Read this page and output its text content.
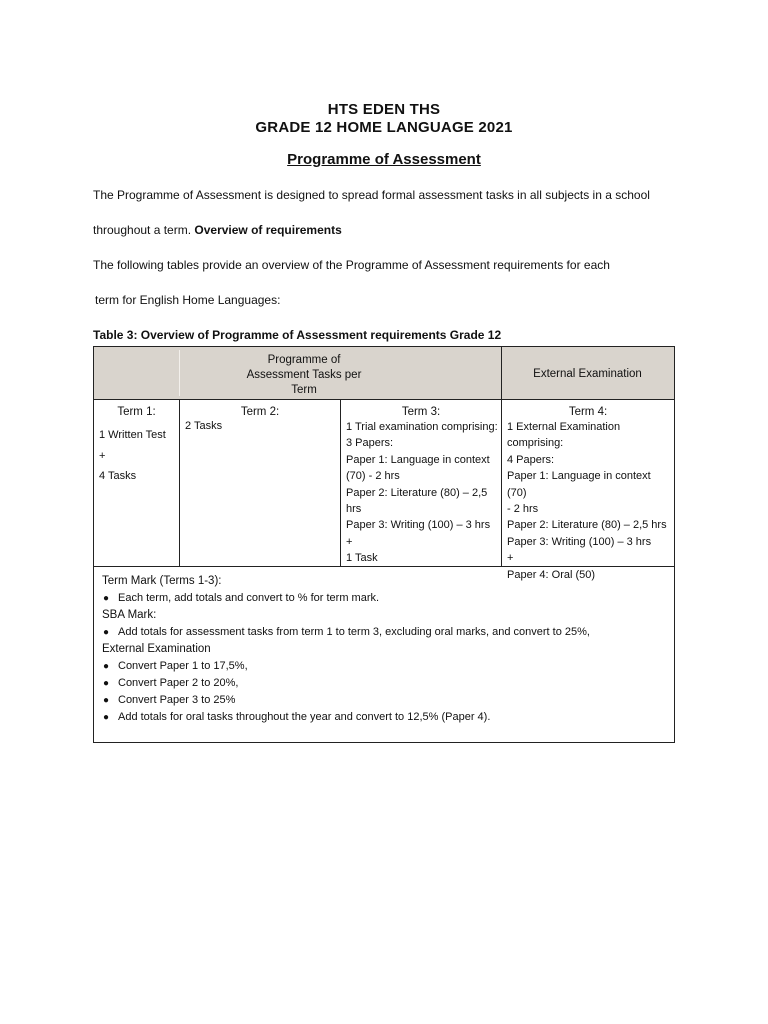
HTS EDEN THS
GRADE 12 HOME LANGUAGE 2021
Programme of Assessment
The Programme of Assessment is designed to spread formal assessment tasks in all subjects in a school
throughout a term. Overview of requirements
The following tables provide an overview of the Programme of Assessment requirements for each
term for English Home Languages:
Table 3: Overview of Programme of Assessment requirements Grade 12
Programme of
Assessment Tasks per
Term
External Examination
Term 1:
1 Written Test
+
4 Tasks
Term 2:
2 Tasks
Term 3:
1 Trial examination comprising:
3 Papers:
Paper 1: Language in context
(70) - 2 hrs
Paper 2: Literature (80) – 2,5
hrs
Paper 3: Writing (100) – 3 hrs
+
1 Task
Term 4:
1 External Examination
comprising:
4 Papers:
Paper 1: Language in context (70)
- 2 hrs
Paper 2: Literature (80) – 2,5 hrs
Paper 3: Writing (100) – 3 hrs
+
Paper 4: Oral (50)
Term Mark (Terms 1-3):
● Each term, add totals and convert to % for term mark.
SBA Mark:
● Add totals for assessment tasks from term 1 to term 3, excluding oral marks, and convert to 25%,
External Examination
● Convert Paper 1 to 17,5%,
● Convert Paper 2 to 20%,
● Convert Paper 3 to 25%
● Add totals for oral tasks throughout the year and convert to 12,5% (Paper 4).
